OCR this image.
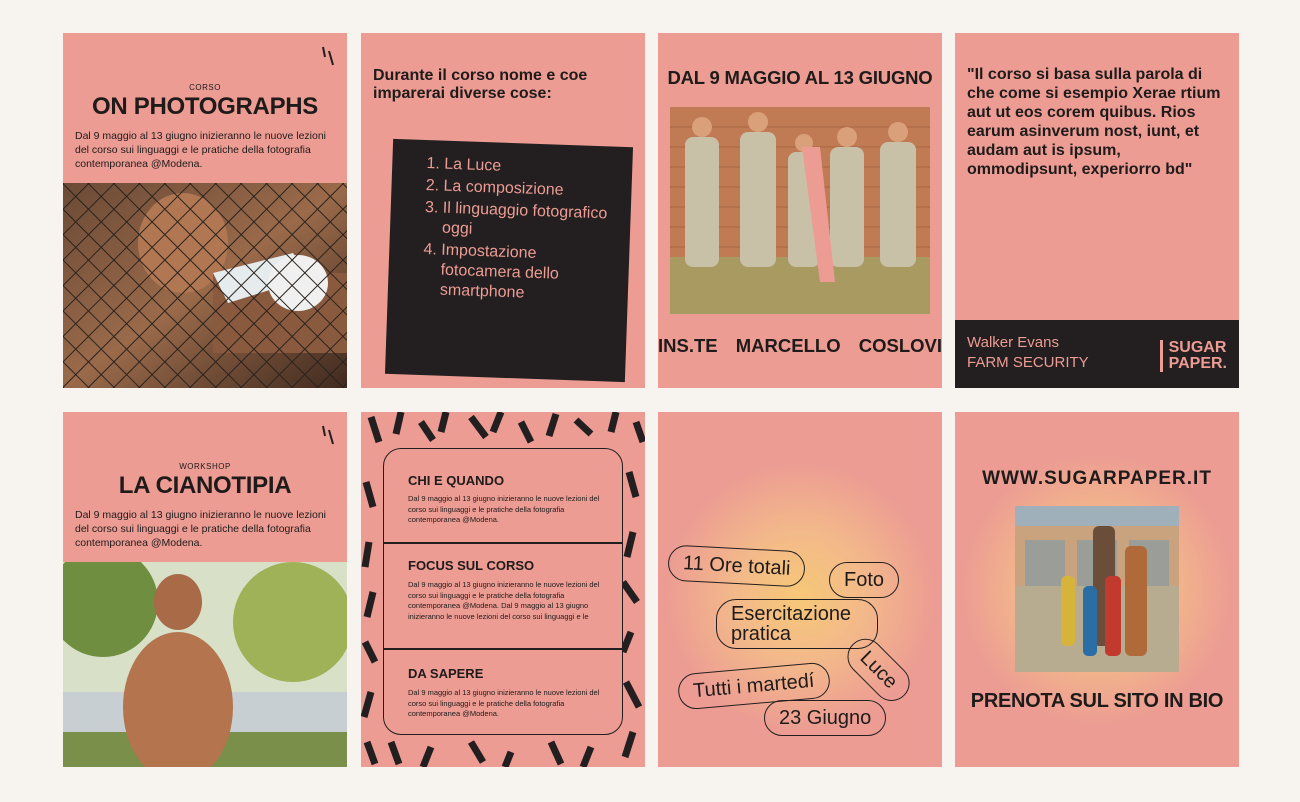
CORSO
ON PHOTOGRAPHS
Dal 9 maggio al 13 giugno inizieranno le nuove lezioni del corso sui linguaggi e le pratiche della fotografia contemporanea @Modena.
Durante il corso nome e coe imparerai diverse cose:
1. La Luce
2. La composizione
3. Il linguaggio fotografico oggi
4. Impostazione fotocamera dello smartphone
DAL 9 MAGGIO AL 13 GIUGNO
INS.TE MARCELLO COSLOVI
"Il corso si basa sulla parola di che come si esempio Xerae rtium aut ut eos corem quibus. Rios earum asinverum nost, iunt, et audam aut is ipsum, ommodipsunt, experiorro bd"
Walker Evans
FARM SECURITY
SUGAR
PAPER.
WORKSHOP
LA CIANOTIPIA
Dal 9 maggio al 13 giugno inizieranno le nuove lezioni del corso sui linguaggi e le pratiche della fotografia contemporanea @Modena.
CHI E QUANDO

Dal 9 maggio al 13 giugno inizieranno le nuove lezioni del corso sui linguaggi e le pratiche della fotografia contemporanea @Modena.

FOCUS SUL CORSO

Dal 9 maggio al 13 giugno inizieranno le nuove lezioni del corso sui linguaggi e le pratiche della fotografia contemporanea @Modena. Dal 9 maggio al 13 giugno inizieranno le nuove lezioni del corso sui linguaggi e le

DA SAPERE

Dal 9 maggio al 13 giugno inizieranno le nuove lezioni del corso sui linguaggi e le pratiche della fotografia contemporanea @Modena.

11 Ore totali
Foto
Esercitazione pratica
Luce
Tutti i martedí
23 Giugno
WWW.SUGARPAPER.IT
PRENOTA SUL SITO IN BIO
